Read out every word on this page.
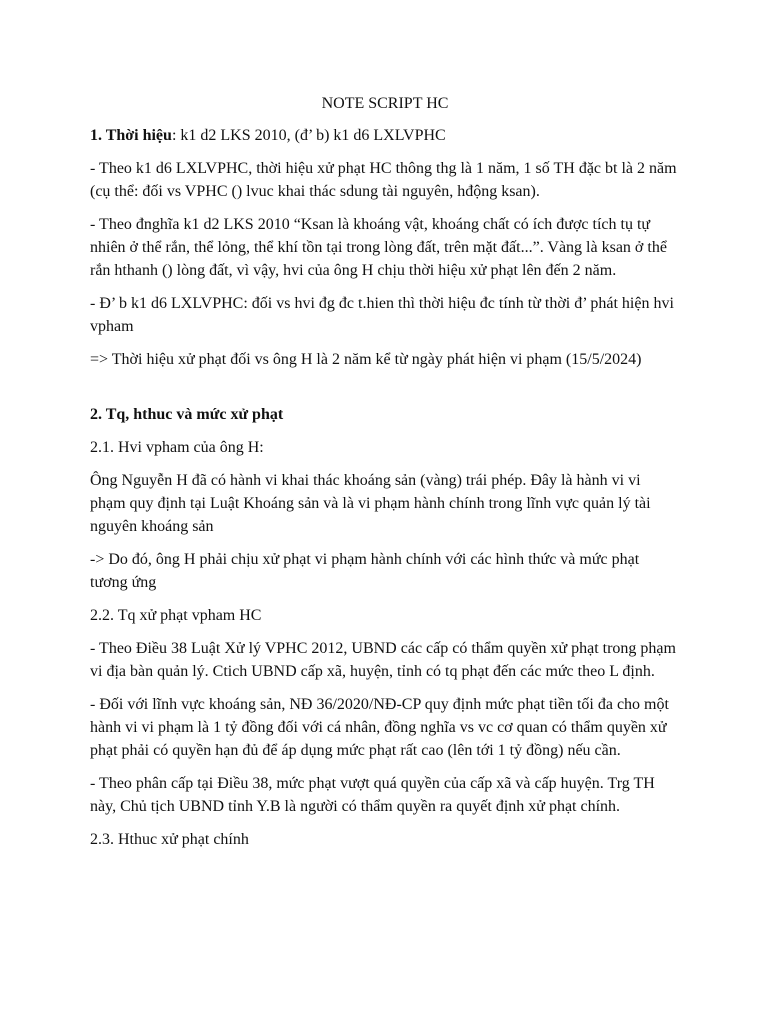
NOTE SCRIPT HC

1. Thời hiệu: k1 d2 LKS 2010, (đ’ b) k1 d6 LXLVPHC

- Theo k1 d6 LXLVPHC, thời hiệu xử phạt HC thông thg là 1 năm, 1 số TH đặc bt là 2 năm (cụ thể: đối vs VPHC () lvuc khai thác sdung tài nguyên, hđộng ksan).

- Theo đnghĩa k1 d2 LKS 2010 “Ksan là khoáng vật, khoáng chất có ích được tích tụ tự nhiên ở thể rắn, thể lỏng, thể khí tồn tại trong lòng đất, trên mặt đất...”. Vàng là ksan ở thể rắn hthanh () lòng đất, vì vậy, hvi của ông H chịu thời hiệu xử phạt lên đến 2 năm.

- Đ’ b k1 d6 LXLVPHC: đối vs hvi đg đc t.hien thì thời hiệu đc tính từ thời đ’ phát hiện hvi vpham

=> Thời hiệu xử phạt đối vs ông H là 2 năm kể từ ngày phát hiện vi phạm (15/5/2024)

2. Tq, hthuc và mức xử phạt

2.1. Hvi vpham của ông H:

Ông Nguyễn H đã có hành vi khai thác khoáng sản (vàng) trái phép. Đây là hành vi vi phạm quy định tại Luật Khoáng sản và là vi phạm hành chính trong lĩnh vực quản lý tài nguyên khoáng sản

-> Do đó, ông H phải chịu xử phạt vi phạm hành chính với các hình thức và mức phạt tương ứng

2.2. Tq xử phạt vpham HC

- Theo Điều 38 Luật Xử lý VPHC 2012, UBND các cấp có thẩm quyền xử phạt trong phạm vi địa bàn quản lý. Ctich UBND cấp xã, huyện, tỉnh có tq phạt đến các mức theo L định.

- Đối với lĩnh vực khoáng sản, NĐ 36/2020/NĐ-CP quy định mức phạt tiền tối đa cho một hành vi vi phạm là 1 tỷ đồng đối với cá nhân, đồng nghĩa vs vc cơ quan có thẩm quyền xử phạt phải có quyền hạn đủ để áp dụng mức phạt rất cao (lên tới 1 tỷ đồng) nếu cần.

- Theo phân cấp tại Điều 38, mức phạt vượt quá quyền của cấp xã và cấp huyện. Trg TH này, Chủ tịch UBND tỉnh Y.B là người có thẩm quyền ra quyết định xử phạt chính.

2.3. Hthuc xử phạt chính
